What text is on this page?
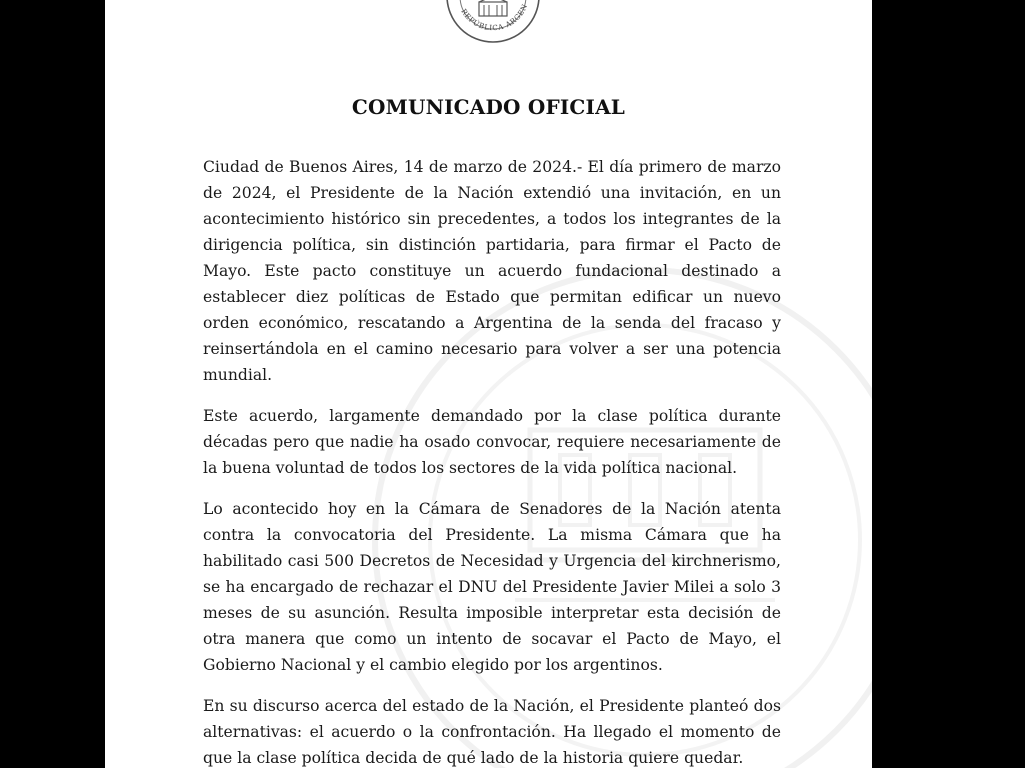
REPÚBLICA ARGEN
COMUNICADO OFICIAL

Ciudad de Buenos Aires, 14 de marzo de 2024.- El día primero de marzo de 2024, el Presidente de la Nación extendió una invitación, en un acontecimiento histórico sin precedentes, a todos los integrantes de la dirigencia política, sin distinción partidaria, para firmar el Pacto de Mayo. Este pacto constituye un acuerdo fundacional destinado a establecer diez políticas de Estado que permitan edificar un nuevo orden económico, rescatando a Argentina de la senda del fracaso y reinsertándola en el camino necesario para volver a ser una potencia mundial.

Este acuerdo, largamente demandado por la clase política durante décadas pero que nadie ha osado convocar, requiere necesariamente de la buena voluntad de todos los sectores de la vida política nacional.

Lo acontecido hoy en la Cámara de Senadores de la Nación atenta contra la convocatoria del Presidente. La misma Cámara que ha habilitado casi 500 Decretos de Necesidad y Urgencia del kirchnerismo, se ha encargado de rechazar el DNU del Presidente Javier Milei a solo 3 meses de su asunción. Resulta imposible interpretar esta decisión de otra manera que como un intento de socavar el Pacto de Mayo, el Gobierno Nacional y el cambio elegido por los argentinos.

En su discurso acerca del estado de la Nación, el Presidente planteó dos alternativas: el acuerdo o la confrontación. Ha llegado el momento de que la clase política decida de qué lado de la historia quiere quedar.
